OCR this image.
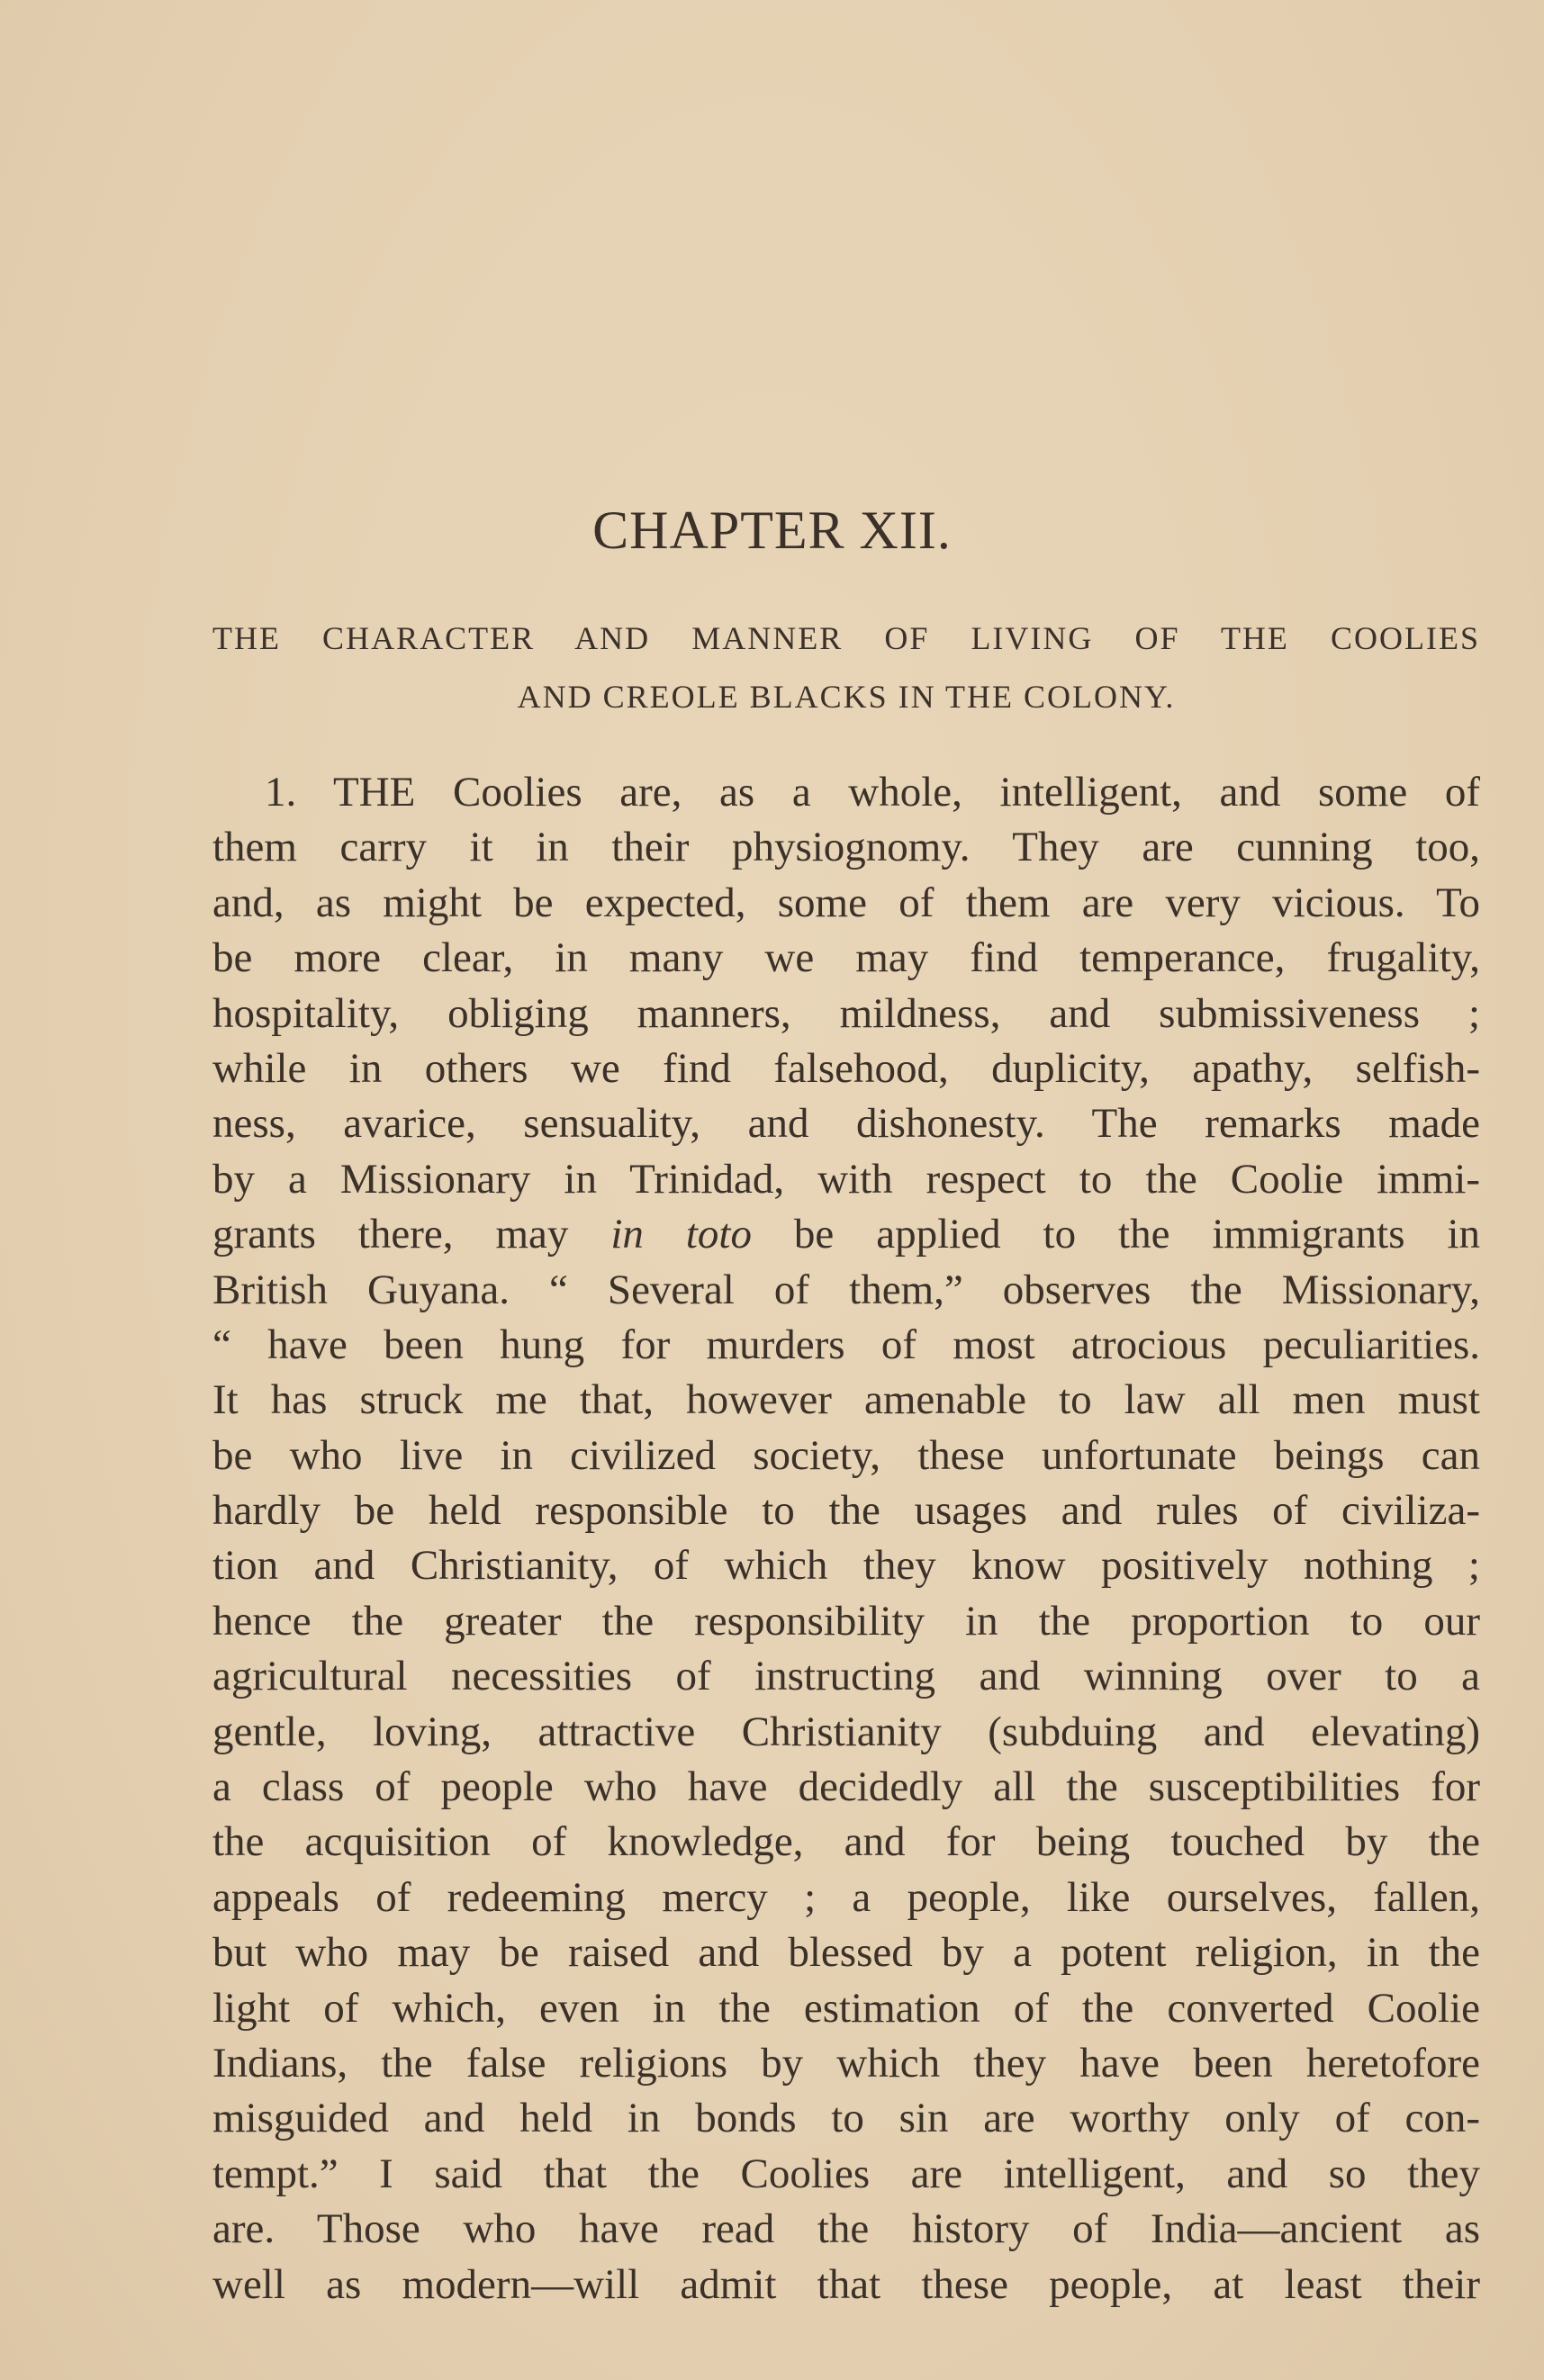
CHAPTER XII.
THE CHARACTER AND MANNER OF LIVING OF THE COOLIES
AND CREOLE BLACKS IN THE COLONY.
1. THE Coolies are, as a whole, intelligent, and some of
them carry it in their physiognomy. They are cunning too,
and, as might be expected, some of them are very vicious. To
be more clear, in many we may find temperance, frugality,
hospitality, obliging manners, mildness, and submissiveness ;
while in others we find falsehood, duplicity, apathy, selfish-
ness, avarice, sensuality, and dishonesty. The remarks made
by a Missionary in Trinidad, with respect to the Coolie immi-
grants there, may in toto be applied to the immigrants in
British Guyana. “ Several of them,” observes the Missionary,
“ have been hung for murders of most atrocious peculiarities.
It has struck me that, however amenable to law all men must
be who live in civilized society, these unfortunate beings can
hardly be held responsible to the usages and rules of civiliza-
tion and Christianity, of which they know positively nothing ;
hence the greater the responsibility in the proportion to our
agricultural necessities of instructing and winning over to a
gentle, loving, attractive Christianity (subduing and elevating)
a class of people who have decidedly all the susceptibilities for
the acquisition of knowledge, and for being touched by the
appeals of redeeming mercy ; a people, like ourselves, fallen,
but who may be raised and blessed by a potent religion, in the
light of which, even in the estimation of the converted Coolie
Indians, the false religions by which they have been heretofore
misguided and held in bonds to sin are worthy only of con-
tempt.” I said that the Coolies are intelligent, and so they
are. Those who have read the history of India—ancient as
well as modern—will admit that these people, at least their
